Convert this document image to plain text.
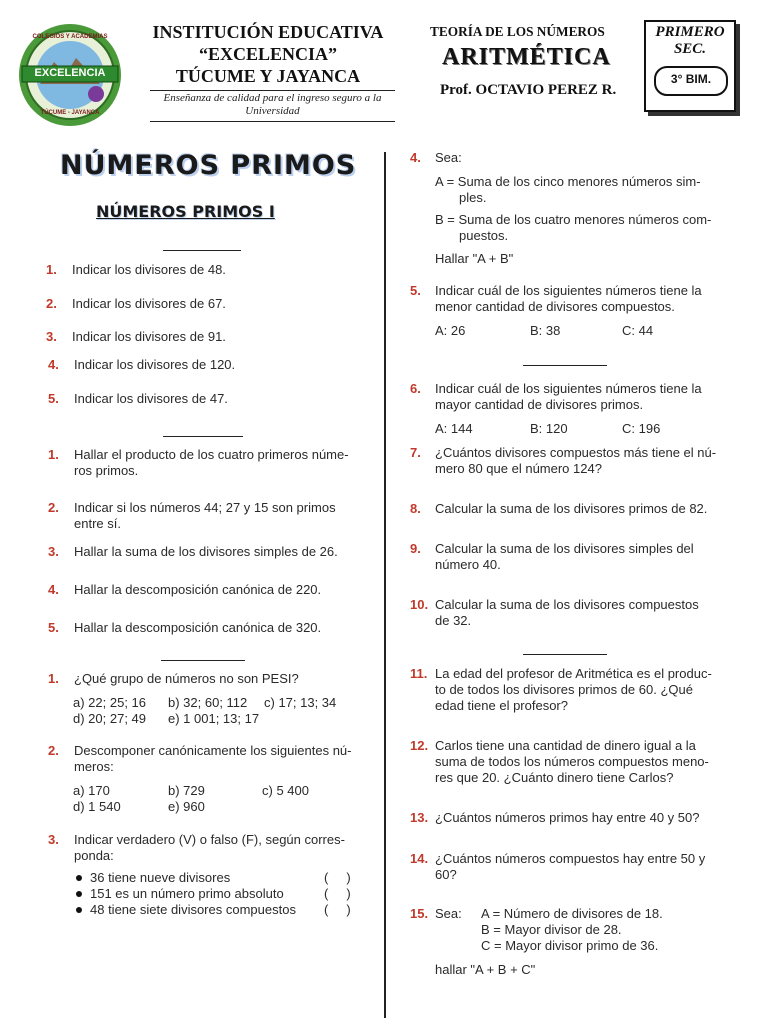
COLEGIOS Y ACADEMIAS
EXCELENCIA
TÚCUME - JAYANCA
INSTITUCIÓN EDUCATIVA
“EXCELENCIA”
TÚCUME Y JAYANCA
Enseñanza de calidad para el ingreso seguro a la Universidad
TEORÍA DE LOS NÚMEROS
ARITMÉTICA
Prof. OCTAVIO PEREZ R.
PRIMERO SEC.
3° BIM.
NÚMEROS PRIMOS
NÚMEROS PRIMOS I
1. Indicar los divisores de 48.
2. Indicar los divisores de 67.
3. Indicar los divisores de 91.
4. Indicar los divisores de 120.
5. Indicar los divisores de 47.
1. Hallar el producto de los cuatro primeros núme-
ros primos.
2. Indicar si los números 44; 27 y 15 son primos
entre sí.
3. Hallar la suma de los divisores simples de 26.
4. Hallar la descomposición canónica de 220.
5. Hallar la descomposición canónica de 320.
1. ¿Qué grupo de números no son PESI?
a) 22; 25; 16 b) 32; 60; 112 c) 17; 13; 34
d) 20; 27; 49 e) 1 001; 13; 17
2. Descomponer canónicamente los siguientes nú-
meros:
a) 170	b) 729	c) 5 400
d) 1 540	e) 960
3. Indicar verdadero (V) o falso (F), según corres-
ponda:
36 tiene nueve divisores	(     )
151 es un número primo absoluto	(     )
48 tiene siete divisores compuestos (     )
4. Sea:
A = Suma de los cinco menores números sim-
ples.
B = Suma de los cuatro menores números com-
puestos.
Hallar "A + B"
5. Indicar cuál de los siguientes números tiene la
menor cantidad de divisores compuestos.
A: 26	B: 38	C: 44
6. Indicar cuál de los siguientes números tiene la
mayor cantidad de divisores primos.
A: 144	B: 120	C: 196
7. ¿Cuántos divisores compuestos más tiene el nú-
mero 80 que el número 124?
8. Calcular la suma de los divisores primos de 82.
9. Calcular la suma de los divisores simples del
número 40.
10. Calcular la suma de los divisores compuestos
de 32.
11. La edad del profesor de Aritmética es el produc-
to de todos los divisores primos de 60. ¿Qué
edad tiene el profesor?
12. Carlos tiene una cantidad de dinero igual a la
suma de todos los números compuestos meno-
res que 20. ¿Cuánto dinero tiene Carlos?
13. ¿Cuántos números primos hay entre 40 y 50?
14. ¿Cuántos números compuestos hay entre 50 y
60?
15. Sea:	A = Número de divisores de 18.
B = Mayor divisor de 28.
C = Mayor divisor primo de 36.
hallar "A + B + C"
